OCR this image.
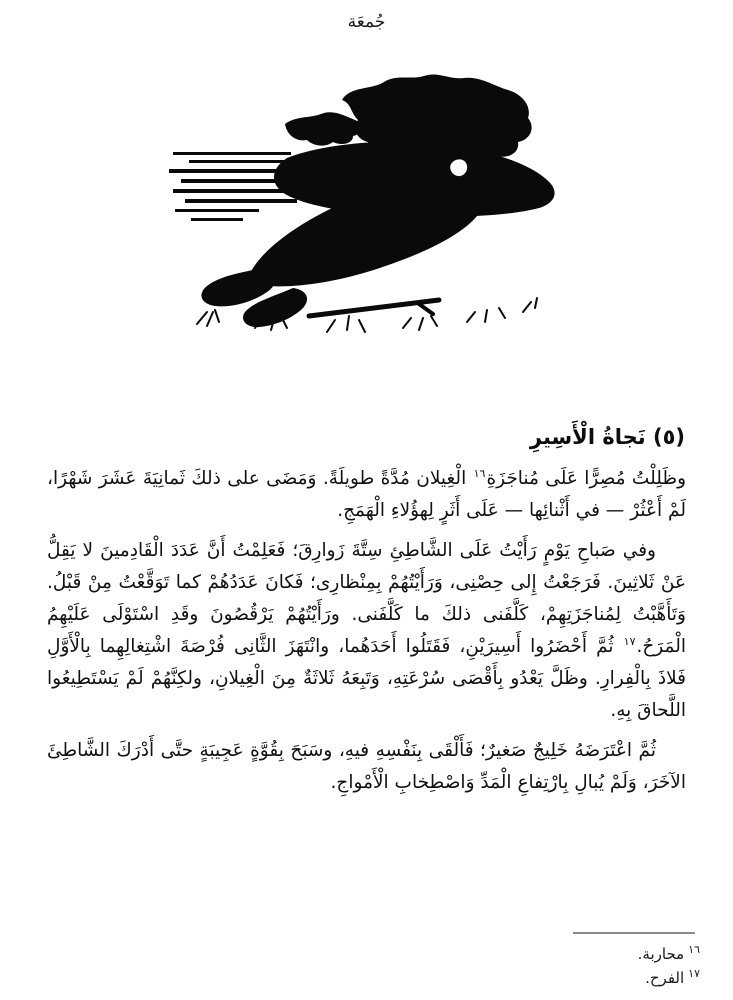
جُمعَة
(٥) نَجاةُ الْأَسِيرِ

وظَلِلْتُ مُصِرًّا عَلَى مُناجَزَةِ$^{١٦}$ الْغِيلان مُدَّةً طويلَةً. وَمَضَى على ذلكَ ثَمانِيَةَ عَشَرَ شَهْرًا، لَمْ أَعْثُرْ — في أَثْنائِها — عَلَى أَثَرٍ لِهؤُلاءِ الْهَمَجِ.

وفي صَباحِ يَوْمٍ رَأَيْتُ عَلَى الشَّاطِئِ سِتَّةَ زَوارِقَ؛ فَعَلِمْتُ أَنَّ عَدَدَ الْقَادِمينَ لا يَقِلُّ عَنْ ثَلاثِينَ. فَرَجَعْتُ إِلى حِصْنِى، وَرَأَيْتُهُمْ بِمِنْظارِى؛ فَكانَ عَدَدُهُمْ كما تَوَقَّعْتُ مِنْ قَبْلُ. وَتَأَهَّبْتُ لِمُناجَزَتِهِمْ، كَلَّفَنى ذلكَ ما كَلَّفَنى. ورَأَيْتُهُمْ يَرْقُصُونَ وقَدِ اسْتَوْلَى عَلَيْهِمُ الْمَرَحُ.$^{١٧}$ ثُمَّ أَحْضَرُوا أَسِيرَيْنِ، فَقَتَلُوا أَحَدَهُما، وانْتَهَزَ الثَّانِى فُرْصَةَ اشْتِغالِهِما بِالْأَوَّلِ فَلاذَ بِالْفِرارِ. وظَلَّ يَعْدُو بِأَقْصَى سُرْعَتِهِ، وَتَبِعَهُ ثَلاثَةٌ مِنَ الْغِيلانِ، ولكِنَّهُمْ لَمْ يَسْتَطِيعُوا اللَّحاقَ بِهِ.

ثُمَّ اعْتَرَضَهُ خَلِيجٌ صَغيرٌ؛ فَأَلْقَى بِنَفْسِهِ فيهِ، وسَبَحَ بِقُوَّةٍ عَجِيبَةٍ حتَّى أَدْرَكَ الشَّاطِئَ الآخَرَ، وَلَمْ يُبالِ بِارْتِفاعِ الْمَدِّ وَاصْطِخابِ الْأَمْواجِ.

$^{١٦}$محاربة.
$^{١٧}$الفرح.
